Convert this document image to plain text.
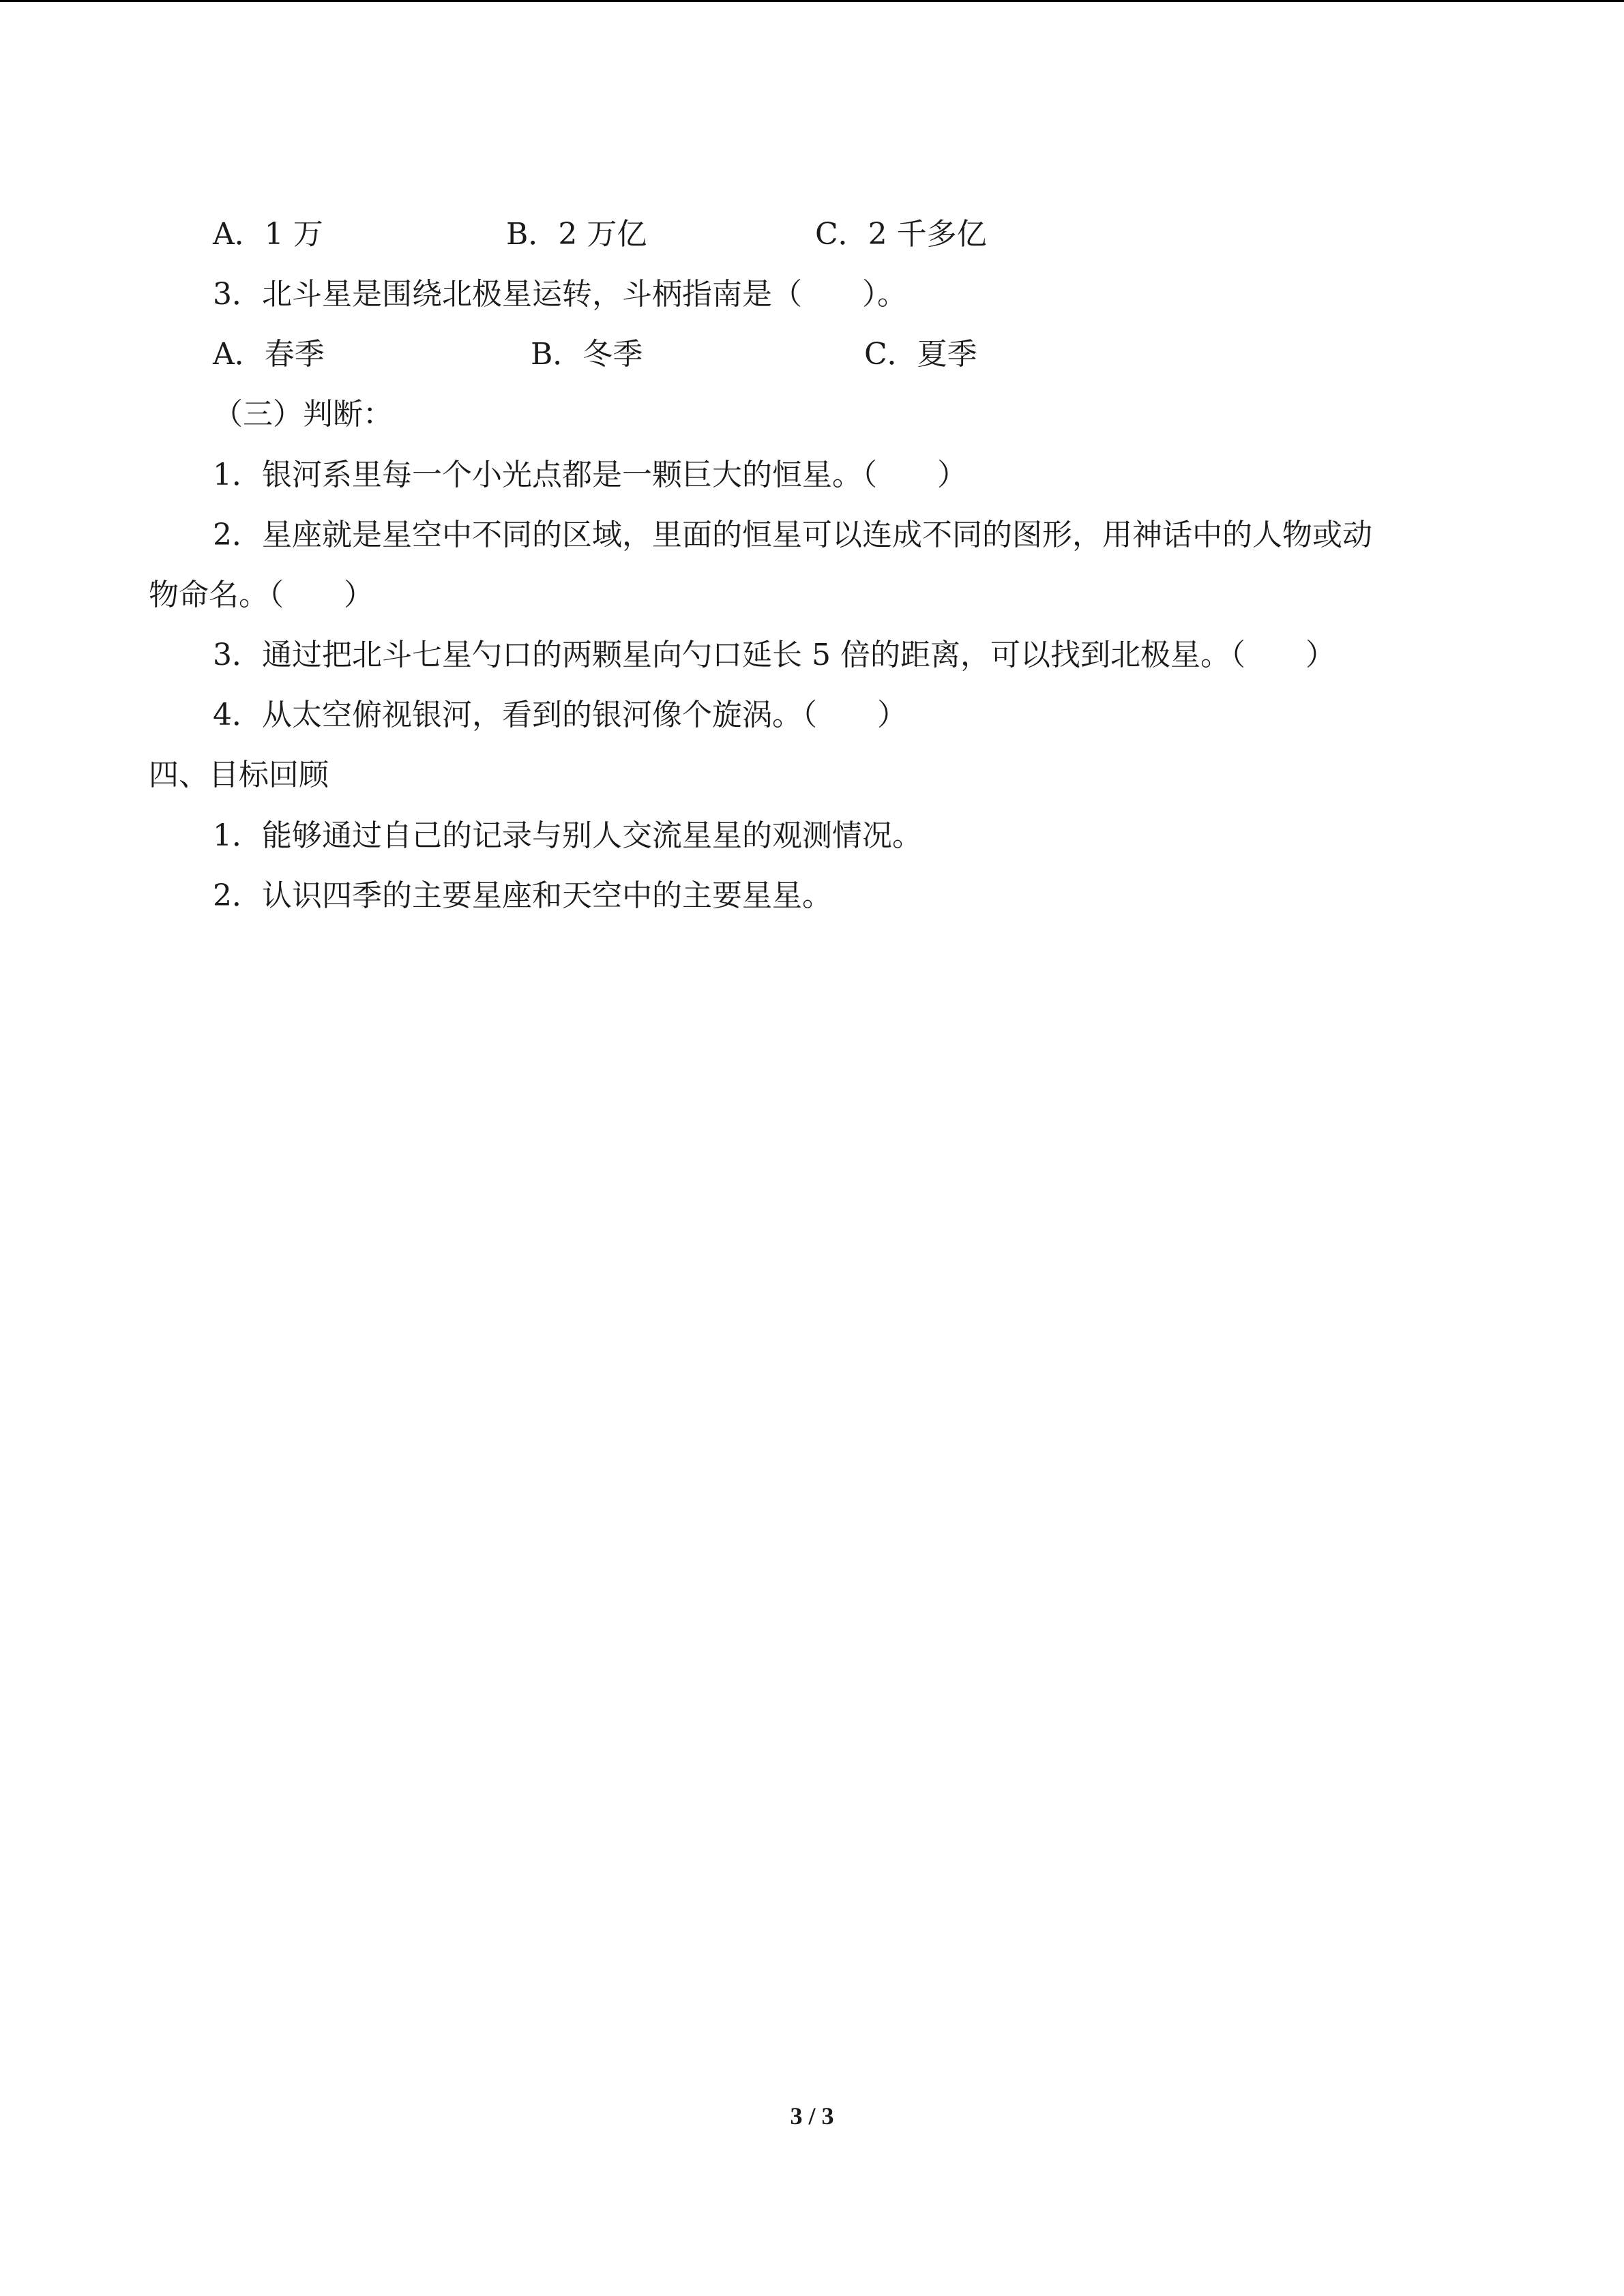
A．1 万	B．2 万亿	C．2 千多亿
3．北斗星是围绕北极星运转，斗柄指南是（　　）。
A．春季	B．冬季	C．夏季
（三）判断：
1．银河系里每一个小光点都是一颗巨大的恒星。（　　）
2．星座就是星空中不同的区域，里面的恒星可以连成不同的图形，用神话中的人物或动
物命名。（　　）
3．通过把北斗七星勺口的两颗星向勺口延长 5 倍的距离，可以找到北极星。（　　）
4．从太空俯视银河，看到的银河像个旋涡。（　　）
四、目标回顾
1．能够通过自己的记录与别人交流星星的观测情况。
2．认识四季的主要星座和天空中的主要星星。
3 / 3
